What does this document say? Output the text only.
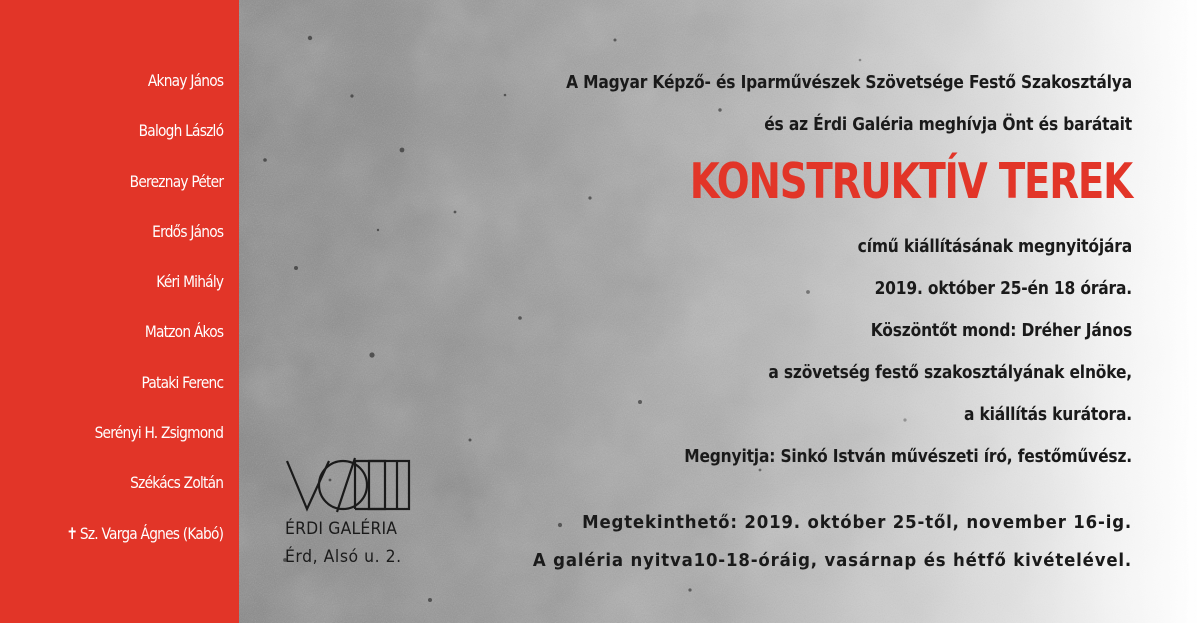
Aknay János
Balogh László
Bereznay Péter
Erdős János
Kéri Mihály
Matzon Ákos
Pataki Ferenc
Serényi H. Zsigmond
Székács Zoltán
✝ Sz. Varga Ágnes (Kabó)
A Magyar Képző- és Iparművészek Szövetsége Festő Szakosztálya
és az Érdi Galéria meghívja Önt és barátait
KONSTRUKTÍV TEREK
című kiállításának megnyitójára
2019. október 25-én 18 órára.
Köszöntőt mond: Dréher János
a szövetség festő szakosztályának elnöke,
a kiállítás kurátora.
Megnyitja: Sinkó István művészeti író, festőművész.
Megtekinthető: 2019. október 25-től, november 16-ig.
A galéria nyitva10-18-óráig, vasárnap és hétfő kivételével.
ÉRDI GALÉRIA
Érd, Alsó u. 2.
